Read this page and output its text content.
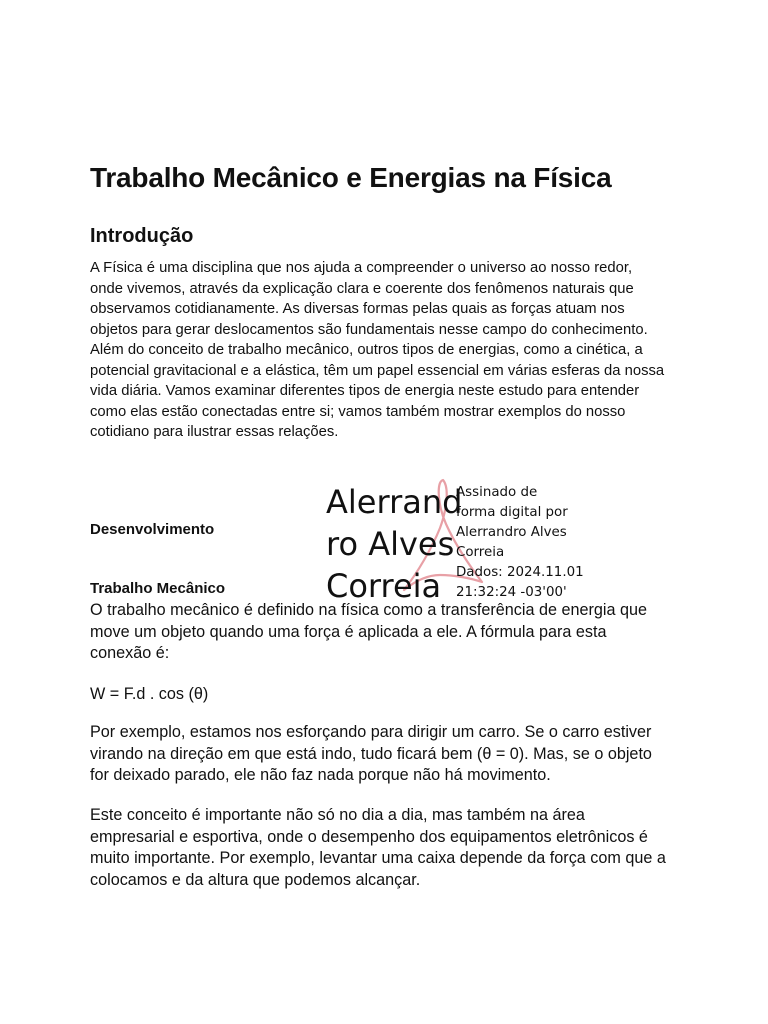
Trabalho Mecânico e Energias na Física
Introdução
A Física é uma disciplina que nos ajuda a compreender o universo ao nosso redor,
onde vivemos, através da explicação clara e coerente dos fenômenos naturais que
observamos cotidianamente. As diversas formas pelas quais as forças atuam nos
objetos para gerar deslocamentos são fundamentais nesse campo do conhecimento.
Além do conceito de trabalho mecânico, outros tipos de energias, como a cinética, a
potencial gravitacional e a elástica, têm um papel essencial em várias esferas da nossa
vida diária. Vamos examinar diferentes tipos de energia neste estudo para entender
como elas estão conectadas entre si; vamos também mostrar exemplos do nosso
cotidiano para ilustrar essas relações.
Desenvolvimento
Alerrand
ro Alves
Correia
Assinado de
forma digital por
Alerrandro Alves
Correia
Dados: 2024.11.01
21:32:24 -03'00'
Trabalho Mecânico
O trabalho mecânico é definido na física como a transferência de energia que
move um objeto quando uma força é aplicada a ele. A fórmula para esta
conexão é:
W = F.d . cos (θ)
Por exemplo, estamos nos esforçando para dirigir um carro. Se o carro estiver
virando na direção em que está indo, tudo ficará bem (θ = 0). Mas, se o objeto
for deixado parado, ele não faz nada porque não há movimento.
Este conceito é importante não só no dia a dia, mas também na área
empresarial e esportiva, onde o desempenho dos equipamentos eletrônicos é
muito importante. Por exemplo, levantar uma caixa depende da força com que a
colocamos e da altura que podemos alcançar.
